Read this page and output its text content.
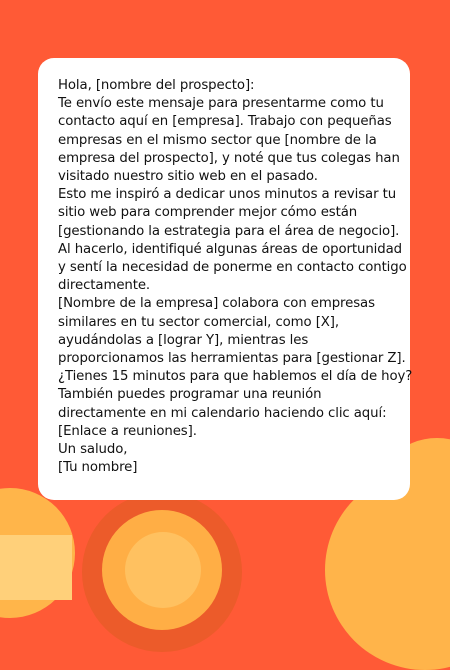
Hola, [nombre del prospecto]:
Te envío este mensaje para presentarme como tu
contacto aquí en [empresa]. Trabajo con pequeñas
empresas en el mismo sector que [nombre de la
empresa del prospecto], y noté que tus colegas han
visitado nuestro sitio web en el pasado.
Esto me inspiró a dedicar unos minutos a revisar tu
sitio web para comprender mejor cómo están
[gestionando la estrategia para el área de negocio].
Al hacerlo, identifiqué algunas áreas de oportunidad
y sentí la necesidad de ponerme en contacto contigo
directamente.
[Nombre de la empresa] colabora con empresas
similares en tu sector comercial, como [X],
ayudándolas a [lograr Y], mientras les
proporcionamos las herramientas para [gestionar Z].
¿Tienes 15 minutos para que hablemos el día de hoy?
También puedes programar una reunión
directamente en mi calendario haciendo clic aquí:
[Enlace a reuniones].
Un saludo,
[Tu nombre]
